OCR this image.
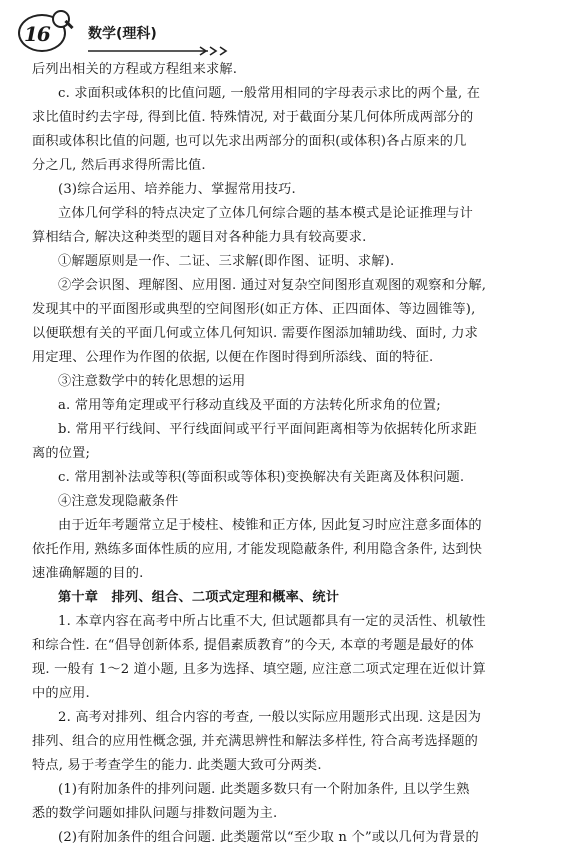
16	数学(理科)
后列出相关的方程或方程组来求解.
c. 求面积或体积的比值问题, 一般常用相同的字母表示求比的两个量, 在
求比值时约去字母, 得到比值. 特殊情况, 对于截面分某几何体所成两部分的
面积或体积比值的问题, 也可以先求出两部分的面积(或体积)各占原来的几
分之几, 然后再求得所需比值.
(3)综合运用、培养能力、掌握常用技巧.
立体几何学科的特点决定了立体几何综合题的基本模式是论证推理与计
算相结合, 解决这种类型的题目对各种能力具有较高要求.
①解题原则是一作、二证、三求解(即作图、证明、求解).
②学会识图、理解图、应用图. 通过对复杂空间图形直观图的观察和分解,
发现其中的平面图形或典型的空间图形(如正方体、正四面体、等边圆锥等),
以便联想有关的平面几何或立体几何知识. 需要作图添加辅助线、面时, 力求
用定理、公理作为作图的依据, 以便在作图时得到所添线、面的特征.
③注意数学中的转化思想的运用
a. 常用等角定理或平行移动直线及平面的方法转化所求角的位置;
b. 常用平行线间、平行线面间或平行平面间距离相等为依据转化所求距
离的位置;
c. 常用割补法或等积(等面积或等体积)变换解决有关距离及体积问题.
④注意发现隐蔽条件
由于近年考题常立足于棱柱、棱锥和正方体, 因此复习时应注意多面体的
依托作用, 熟练多面体性质的应用, 才能发现隐蔽条件, 利用隐含条件, 达到快
速准确解题的目的.
第十章　排列、组合、二项式定理和概率、统计
1. 本章内容在高考中所占比重不大, 但试题都具有一定的灵活性、机敏性
和综合性. 在“倡导创新体系, 提倡素质教育”的今天, 本章的考题是最好的体
现. 一般有 1～2 道小题, 且多为选择、填空题, 应注意二项式定理在近似计算
中的应用.
2. 高考对排列、组合内容的考查, 一般以实际应用题形式出现. 这是因为
排列、组合的应用性概念强, 并充满思辨性和解法多样性, 符合高考选择题的
特点, 易于考查学生的能力. 此类题大致可分两类.
(1)有附加条件的排列问题. 此类题多数只有一个附加条件, 且以学生熟
悉的数学问题如排队问题与排数问题为主.
(2)有附加条件的组合问题. 此类题常以“至少取 n 个”或以几何为背景的
